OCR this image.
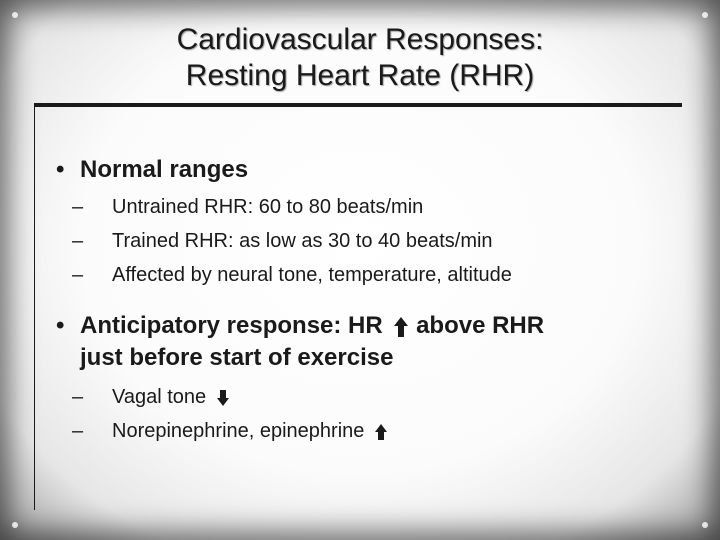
Cardiovascular Responses:
Resting Heart Rate (RHR)
• Normal ranges
–	Untrained RHR: 60 to 80 beats/min
–	Trained RHR: as low as 30 to 40 beats/min
–	Affected by neural tone, temperature, altitude
• Anticipatory response: HR above RHR
just before start of exercise
–	Vagal tone
–	Norepinephrine, epinephrine
